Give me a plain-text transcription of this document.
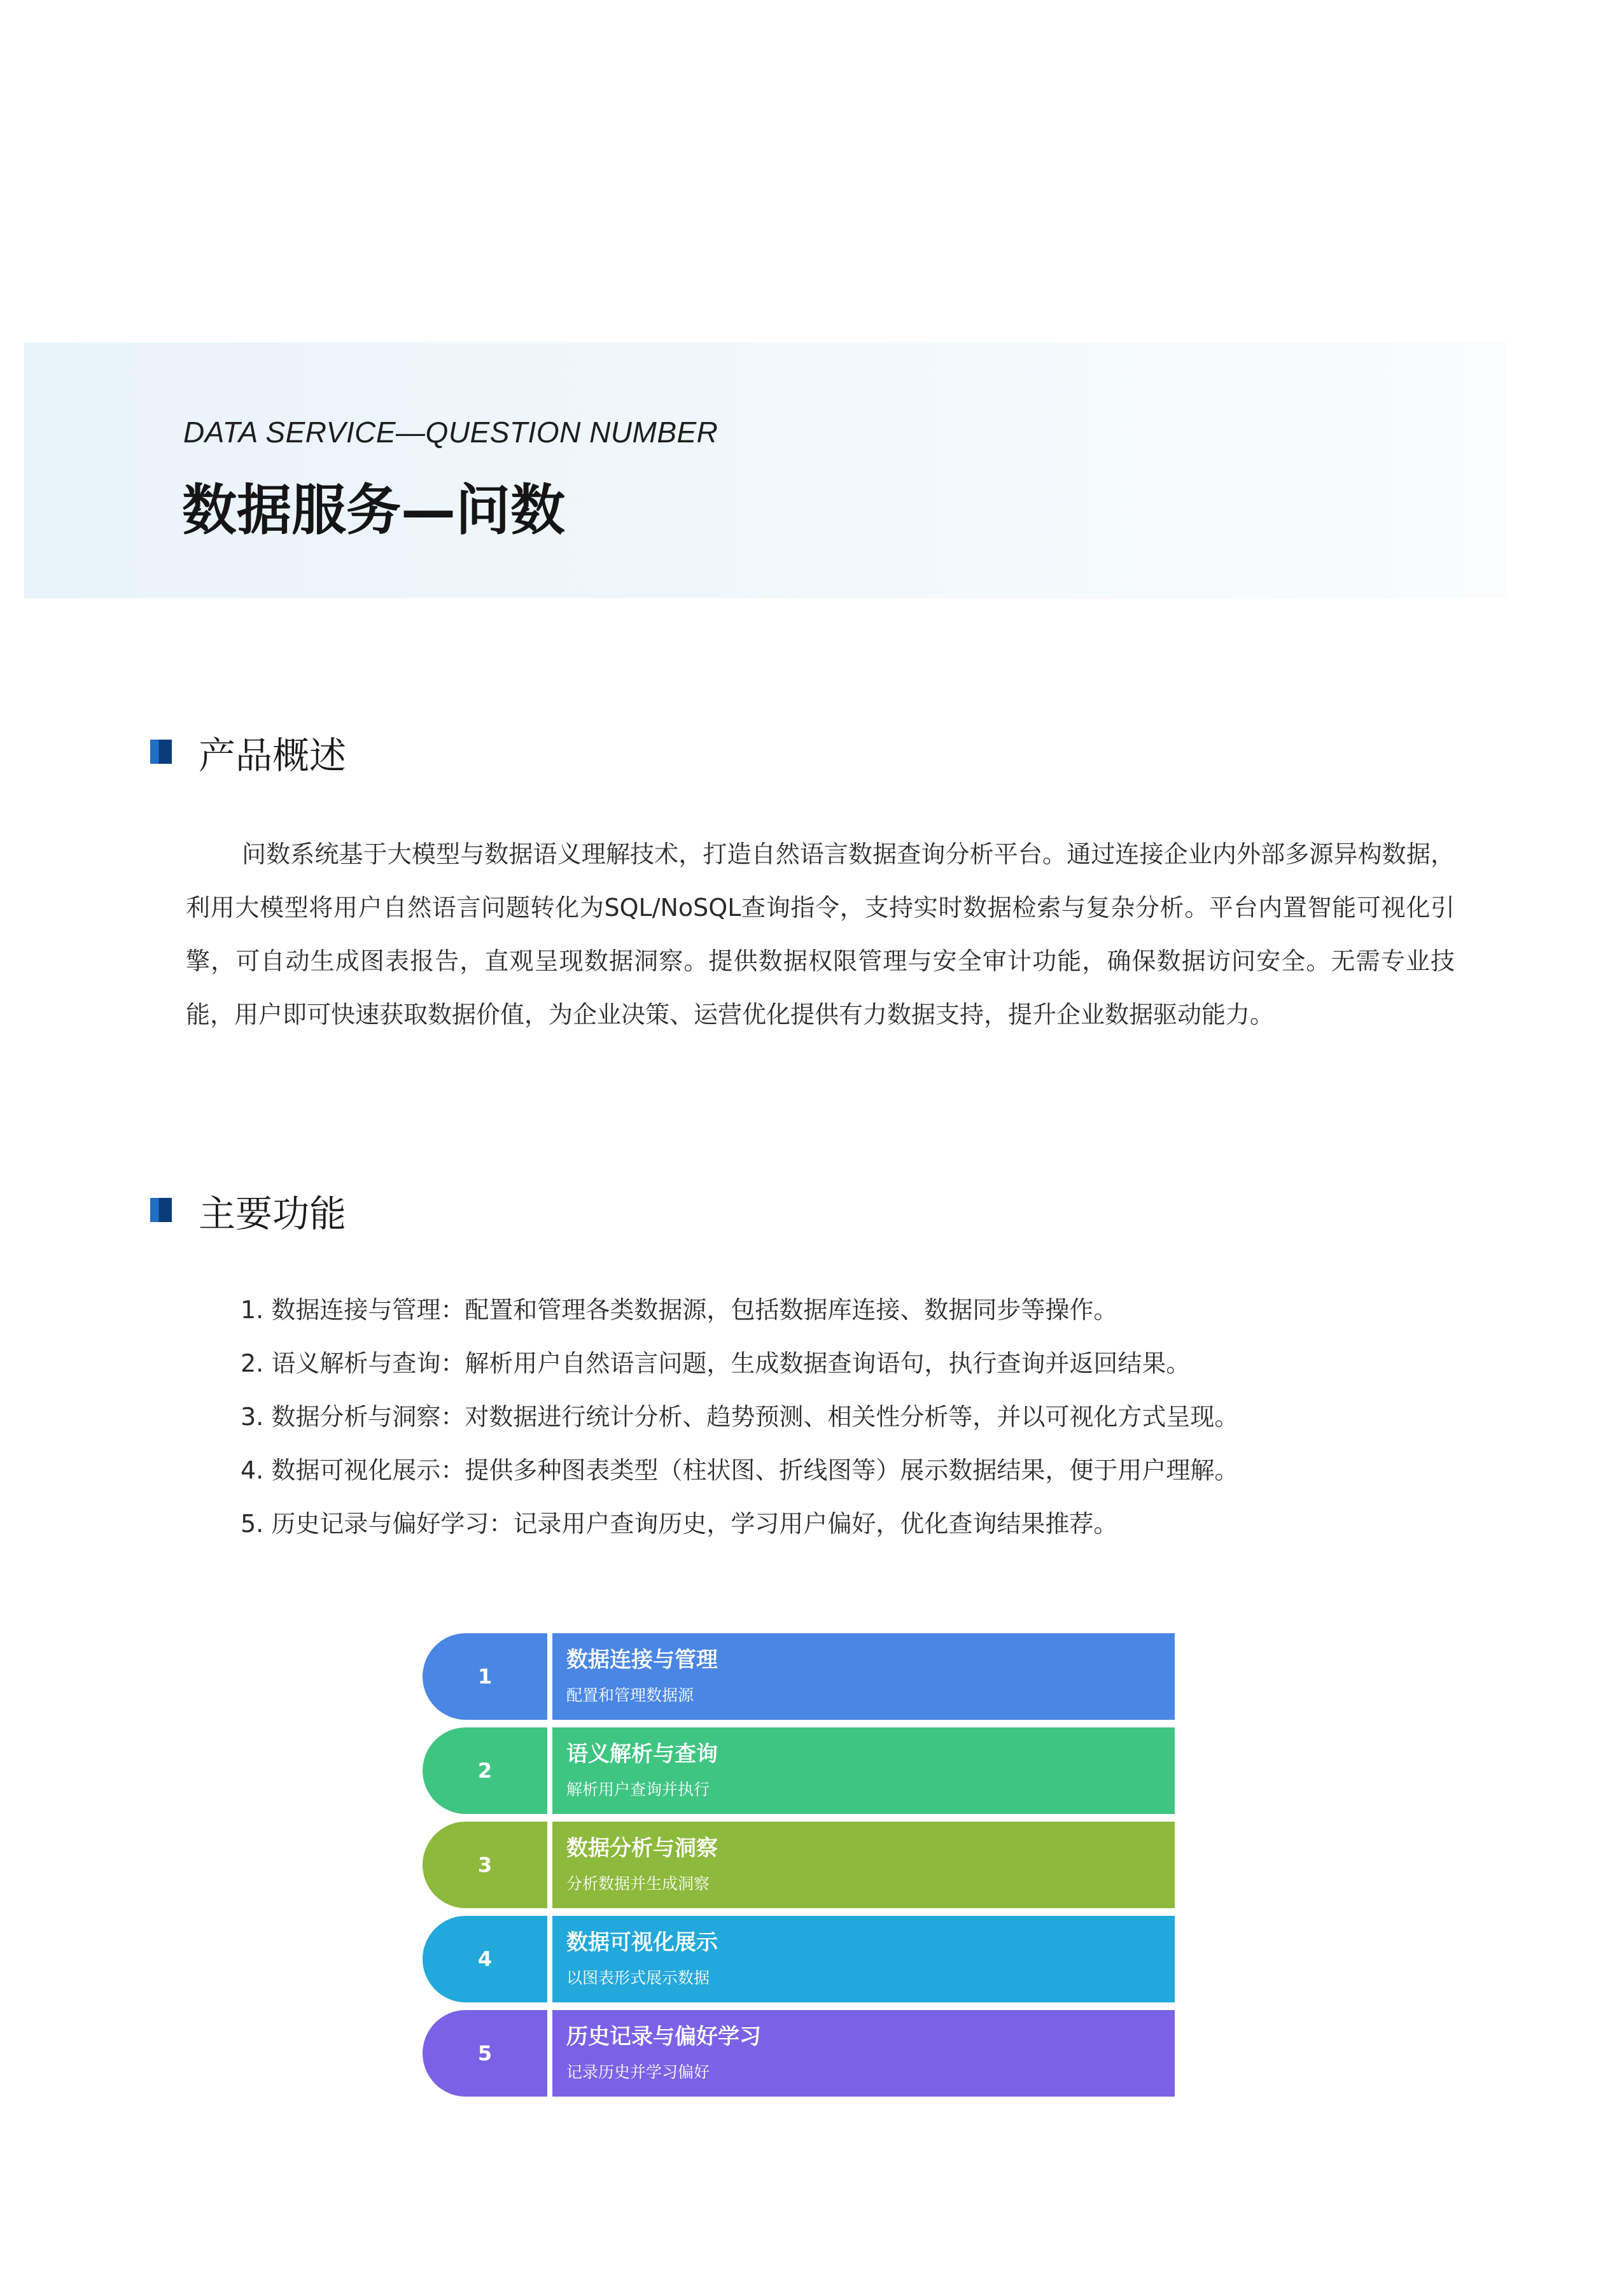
DATA SERVICE—QUESTION NUMBER
数据服务—问数
产品概述

问数系统基于大模型与数据语义理解技术，打造自然语言数据查询分析平台。通过连接企业内外部多源异构数据，利用大模型将用户自然语言问题转化为SQL/NoSQL查询指令，支持实时数据检索与复杂分析。平台内置智能可视化引擎，可自动生成图表报告，直观呈现数据洞察。提供数据权限管理与安全审计功能，确保数据访问安全。无需专业技能，用户即可快速获取数据价值，为企业决策、运营优化提供有力数据支持，提升企业数据驱动能力。

主要功能
1. 数据连接与管理：配置和管理各类数据源，包括数据库连接、数据同步等操作。
2. 语义解析与查询：解析用户自然语言问题，生成数据查询语句，执行查询并返回结果。
3. 数据分析与洞察：对数据进行统计分析、趋势预测、相关性分析等，并以可视化方式呈现。
4. 数据可视化展示：提供多种图表类型（柱状图、折线图等）展示数据结果，便于用户理解。
5. 历史记录与偏好学习：记录用户查询历史，学习用户偏好，优化查询结果推荐。
1
数据连接与管理
配置和管理数据源
2
语义解析与查询
解析用户查询并执行
3
数据分析与洞察
分析数据并生成洞察
4
数据可视化展示
以图表形式展示数据
5
历史记录与偏好学习
记录历史并学习偏好
